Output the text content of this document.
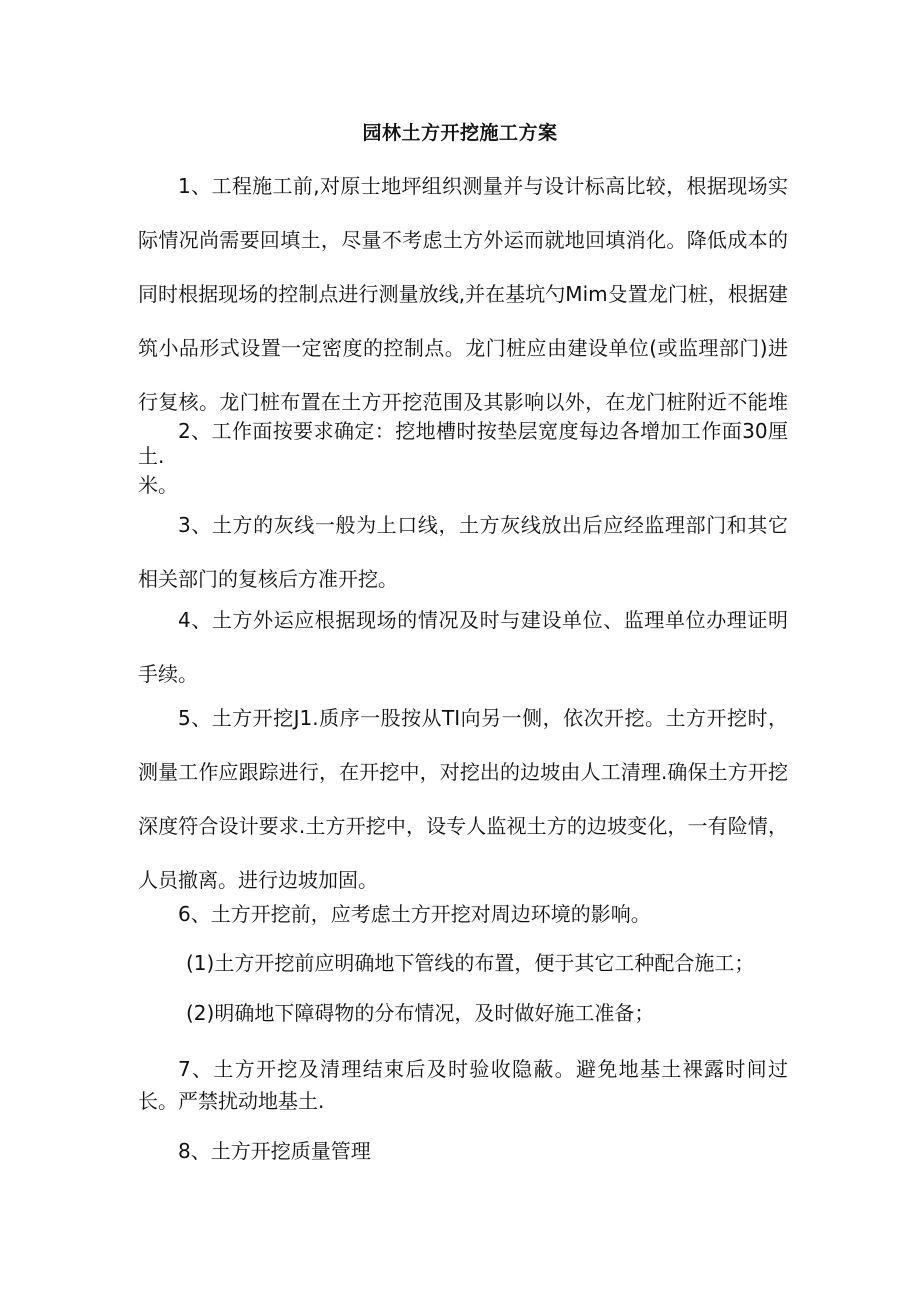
园林土方开挖施工方案

1、工程施工前,对原士地坪组织测量并与设计标高比较，根据现场实际情况尚需要回填土，尽量不考虑土方外运而就地回填消化。降低成本的同时根据现场的控制点进行测量放线,并在基坑勺Mim殳置龙门桩，根据建筑小品形式设置一定密度的控制点。龙门桩应由建设单位(或监理部门)进行复核。龙门桩布置在土方开挖范围及其影响以外，在龙门桩附近不能堆土.

2、工作面按要求确定：挖地槽时按垫层宽度每边各增加工作面30厘米。

3、土方的灰线一般为上口线，土方灰线放出后应经监理部门和其它相关部门的复核后方准开挖。

4、土方外运应根据现场的情况及时与建设单位、监理单位办理证明手续。

5、土方开挖J1.质序一股按从TI向另一侧，依次开挖。土方开挖时，测量工作应跟踪进行，在开挖中，对挖出的边坡由人工清理.确保土方开挖深度符合设计要求.土方开挖中，设专人监视土方的边坡变化，一有险情，人员撤离。进行边坡加固。

6、土方开挖前，应考虑土方开挖对周边环境的影响。

(1)土方开挖前应明确地下管线的布置，便于其它工种配合施工；

(2)明确地下障碍物的分布情况，及时做好施工准备；

7、土方开挖及清理结束后及时验收隐蔽。避免地基土裸露时间过长。严禁扰动地基土.

8、土方开挖质量管理
